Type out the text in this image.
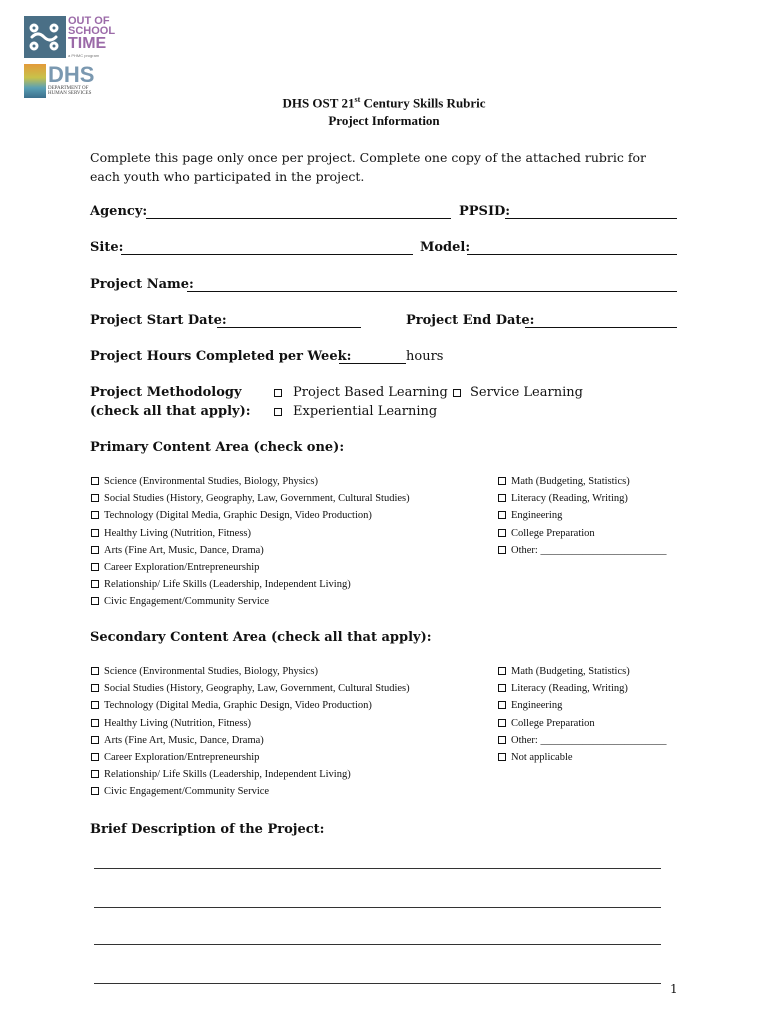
OUT OF
SCHOOL
TIME
a PHMC program
DHS
DEPARTMENT OF HUMAN SERVICES
DHS OST 21st Century Skills Rubric
Project Information
Complete this page only once per project. Complete one copy of the attached rubric for each youth who participated in the project.
Agency:	PPSID:
Site:	Model:
Project Name:
Project Start Date:	Project End Date:
Project Hours Completed per Week:	hours
Project Methodology
(check all that apply):
Project Based Learning	Service Learning
Experiential Learning
Primary Content Area (check one):
Science (Environmental Studies, Biology, Physics)
Social Studies (History, Geography, Law, Government, Cultural Studies)
Technology (Digital Media, Graphic Design, Video Production)
Healthy Living (Nutrition, Fitness)
Arts (Fine Art, Music, Dance, Drama)
Career Exploration/Entrepreneurship
Relationship/ Life Skills (Leadership, Independent Living)
Civic Engagement/Community Service
Math (Budgeting, Statistics)
Literacy (Reading, Writing)
Engineering
College Preparation
Other: ________________________
Secondary Content Area (check all that apply):
Science (Environmental Studies, Biology, Physics)
Social Studies (History, Geography, Law, Government, Cultural Studies)
Technology (Digital Media, Graphic Design, Video Production)
Healthy Living (Nutrition, Fitness)
Arts (Fine Art, Music, Dance, Drama)
Career Exploration/Entrepreneurship
Relationship/ Life Skills (Leadership, Independent Living)
Civic Engagement/Community Service
Math (Budgeting, Statistics)
Literacy (Reading, Writing)
Engineering
College Preparation
Other: ________________________
Not applicable
Brief Description of the Project:
1
